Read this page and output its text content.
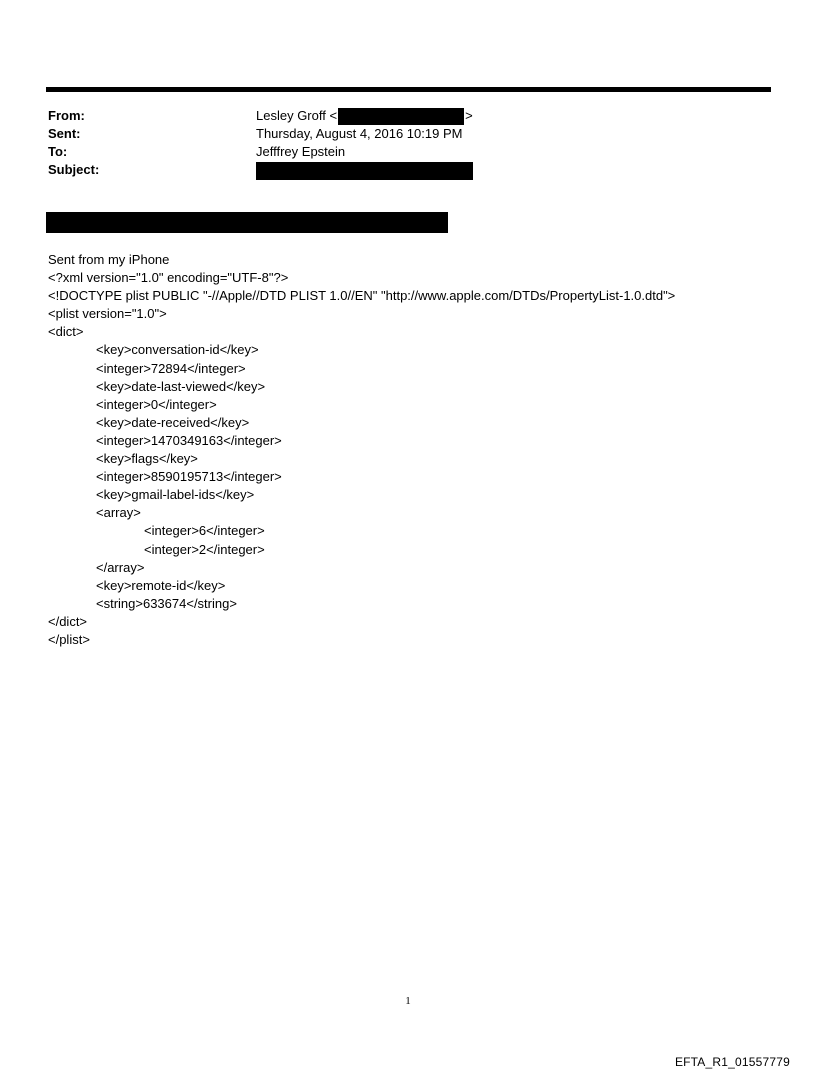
From:	Lesley Groff <	>
Sent:	Thursday, August 4, 2016 10:19 PM
To:	Jefffrey Epstein
Subject:
Sent from my iPhone
<?xml version="1.0" encoding="UTF-8"?>
<!DOCTYPE plist PUBLIC "-//Apple//DTD PLIST 1.0//EN" "http://www.apple.com/DTDs/PropertyList-1.0.dtd">
<plist version="1.0">
<dict>
<key>conversation-id</key>
<integer>72894</integer>
<key>date-last-viewed</key>
<integer>0</integer>
<key>date-received</key>
<integer>1470349163</integer>
<key>flags</key>
<integer>8590195713</integer>
<key>gmail-label-ids</key>
<array>
<integer>6</integer>
<integer>2</integer>
</array>
<key>remote-id</key>
<string>633674</string>
</dict>
</plist>
1
EFTA_R1_01557779
